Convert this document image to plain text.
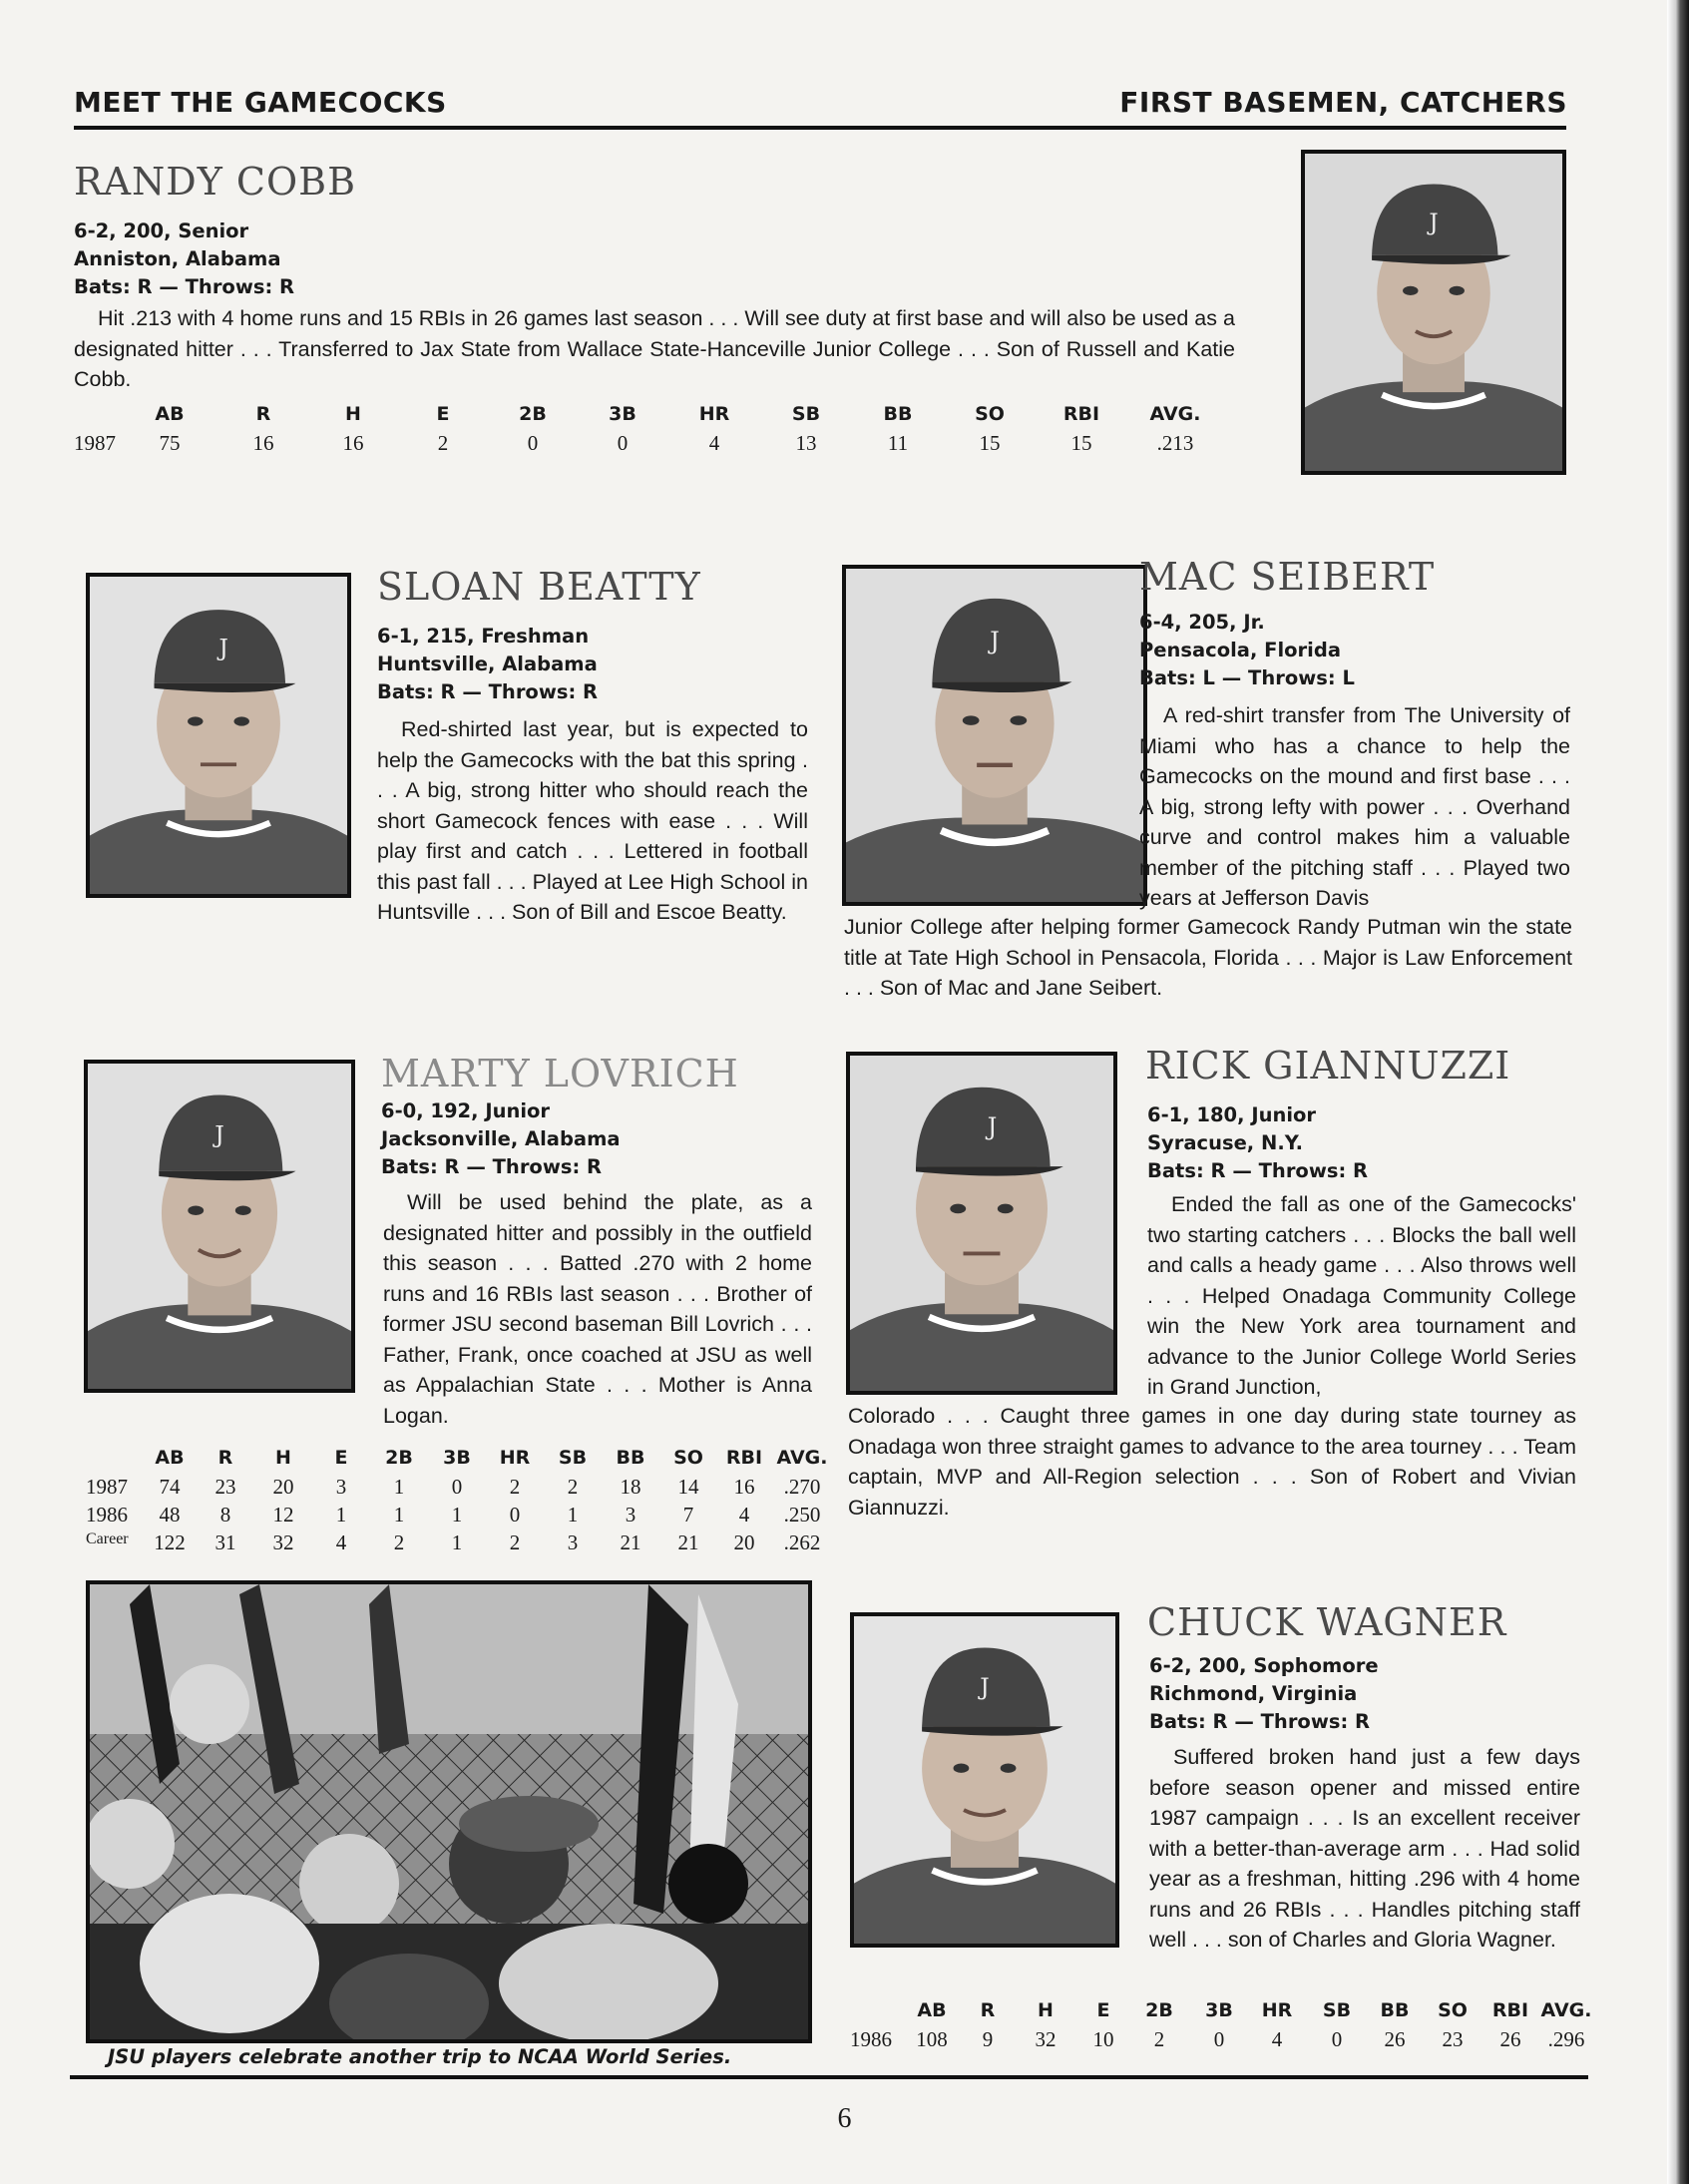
MEET THE GAMECOCKS	FIRST BASEMEN, CATCHERS
RANDY COBB
6-2, 200, Senior
Anniston, Alabama
Bats: R — Throws: R

Hit .213 with 4 home runs and 15 RBIs in 26 games last season . . . Will see duty at first base and will also be used as a designated hitter . . . Transferred to Jax State from Wallace State-Hanceville Junior College . . . Son of Russell and Katie Cobb.

AB	R	H	E	2B	3B	HR	SB	BB	SO	RBI	AVG.
1987	75	16	16	2	0	0	4	13	11	15	15	.213
J
J
SLOAN BEATTY
6-1, 215, Freshman
Huntsville, Alabama
Bats: R — Throws: R

Red-shirted last year, but is expected to help the Gamecocks with the bat this spring . . . A big, strong hitter who should reach the short Gamecock fences with ease . . . Will play first and catch . . . Lettered in football this past fall . . . Played at Lee High School in Huntsville . . . Son of Bill and Escoe Beatty.

J
MAC SEIBERT
6-4, 205, Jr.
Pensacola, Florida
Bats: L — Throws: L

A red-shirt transfer from The University of Miami who has a chance to help the Gamecocks on the mound and first base . . . A big, strong lefty with power . . . Overhand curve and control makes him a valuable member of the pitching staff . . . Played two years at Jefferson Davis

Junior College after helping former Gamecock Randy Putman win the state title at Tate High School in Pensacola, Florida . . . Major is Law Enforcement . . . Son of Mac and Jane Seibert.

J
MARTY LOVRICH
6-0, 192, Junior
Jacksonville, Alabama
Bats: R — Throws: R

Will be used behind the plate, as a designated hitter and possibly in the outfield this season . . . Batted .270 with 2 home runs and 16 RBIs last season . . . Brother of former JSU second baseman Bill Lovrich . . . Father, Frank, once coached at JSU as well as Appalachian State . . . Mother is Anna Logan.

AB	R	H	E	2B	3B	HR	SB	BB	SO	RBI AVG.
1987	74	23	20	3	1	0	2	2	18	14	16	.270
1986	48	8	12	1	1	1	0	1	3	7	4	.250
Career	122	31	32	4	2	1	2	3	21	21	20	.262
J
RICK GIANNUZZI
6-1, 180, Junior
Syracuse, N.Y.
Bats: R — Throws: R

Ended the fall as one of the Gamecocks' two starting catchers . . . Blocks the ball well and calls a heady game . . . Also throws well . . . Helped Onadaga Community College win the New York area tournament and advance to the Junior College World Series in Grand Junction,

Colorado . . . Caught three games in one day during state tourney as Onadaga won three straight games to advance to the area tourney . . . Team captain, MVP and All-Region selection . . . Son of Robert and Vivian Giannuzzi.

JSU players celebrate another trip to NCAA World Series.
J
CHUCK WAGNER
6-2, 200, Sophomore
Richmond, Virginia
Bats: R — Throws: R

Suffered broken hand just a few days before season opener and missed entire 1987 campaign . . . Is an excellent receiver with a better-than-average arm . . . Had solid year as a freshman, hitting .296 with 4 home runs and 26 RBIs . . . Handles pitching staff well . . . son of Charles and Gloria Wagner.

AB	R	H	E	2B	3B	HR	SB	BB	SO	RBI AVG.
1986	108	9	32	10	2	0	4	0	26	23	26	.296
6
